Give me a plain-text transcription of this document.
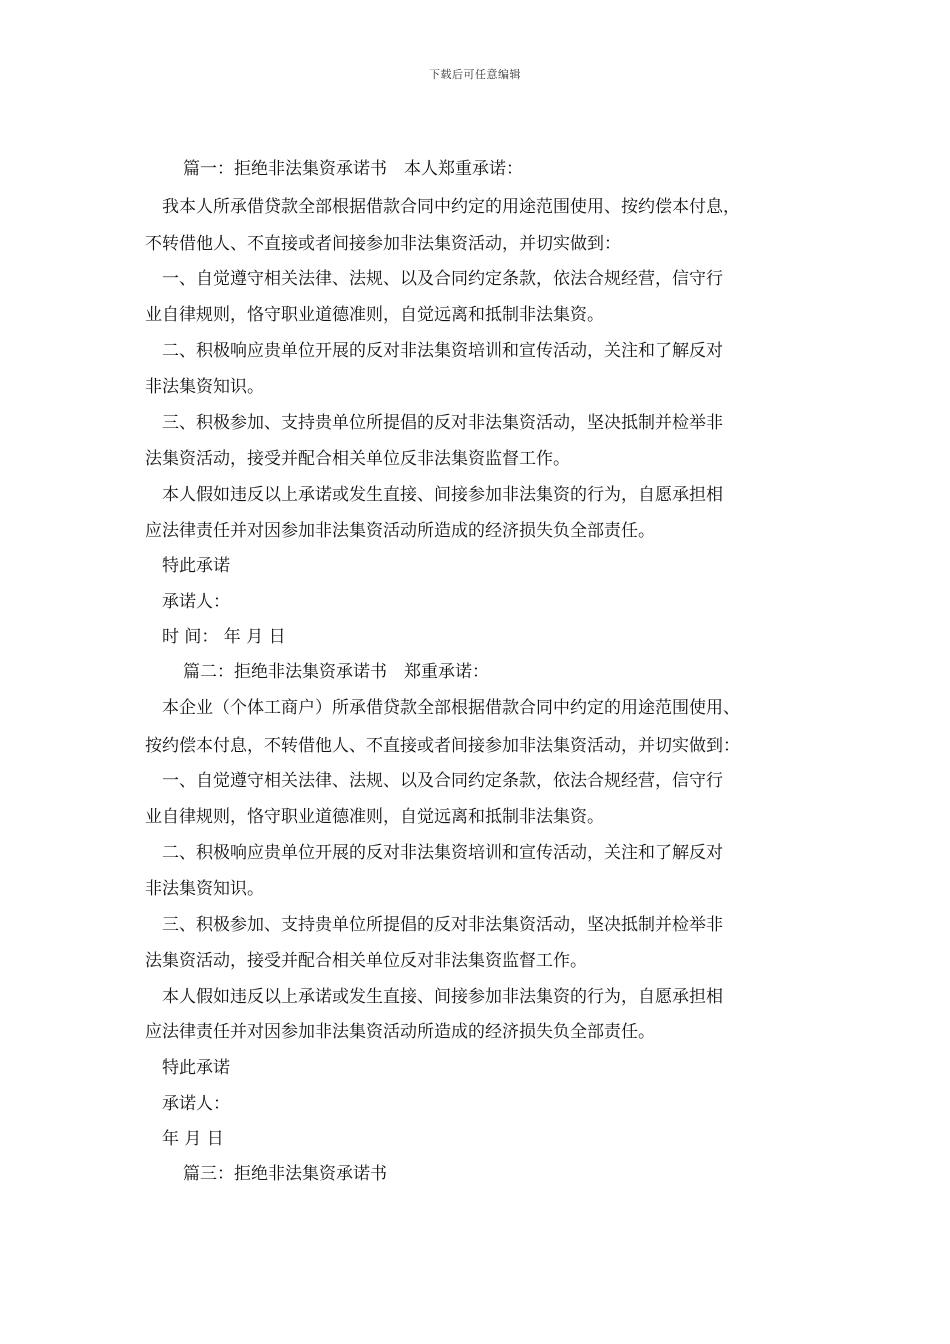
下载后可任意编辑
篇一：拒绝非法集资承诺书　本人郑重承诺：
我本人所承借贷款全部根据借款合同中约定的用途范围使用、按约偿本付息，
不转借他人、不直接或者间接参加非法集资活动，并切实做到：
一、自觉遵守相关法律、法规、以及合同约定条款，依法合规经营，信守行
业自律规则，恪守职业道德准则，自觉远离和抵制非法集资。
二、积极响应贵单位开展的反对非法集资培训和宣传活动，关注和了解反对
非法集资知识。
三、积极参加、支持贵单位所提倡的反对非法集资活动，坚决抵制并检举非
法集资活动，接受并配合相关单位反非法集资监督工作。
本人假如违反以上承诺或发生直接、间接参加非法集资的行为，自愿承担相
应法律责任并对因参加非法集资活动所造成的经济损失负全部责任。
特此承诺
承诺人：
时 间： 年 月 日
篇二：拒绝非法集资承诺书　郑重承诺：
本企业（个体工商户）所承借贷款全部根据借款合同中约定的用途范围使用、
按约偿本付息，不转借他人、不直接或者间接参加非法集资活动，并切实做到：
一、自觉遵守相关法律、法规、以及合同约定条款，依法合规经营，信守行
业自律规则，恪守职业道德准则，自觉远离和抵制非法集资。
二、积极响应贵单位开展的反对非法集资培训和宣传活动，关注和了解反对
非法集资知识。
三、积极参加、支持贵单位所提倡的反对非法集资活动，坚决抵制并检举非
法集资活动，接受并配合相关单位反对非法集资监督工作。
本人假如违反以上承诺或发生直接、间接参加非法集资的行为，自愿承担相
应法律责任并对因参加非法集资活动所造成的经济损失负全部责任。
特此承诺
承诺人：
年 月 日
篇三：拒绝非法集资承诺书
